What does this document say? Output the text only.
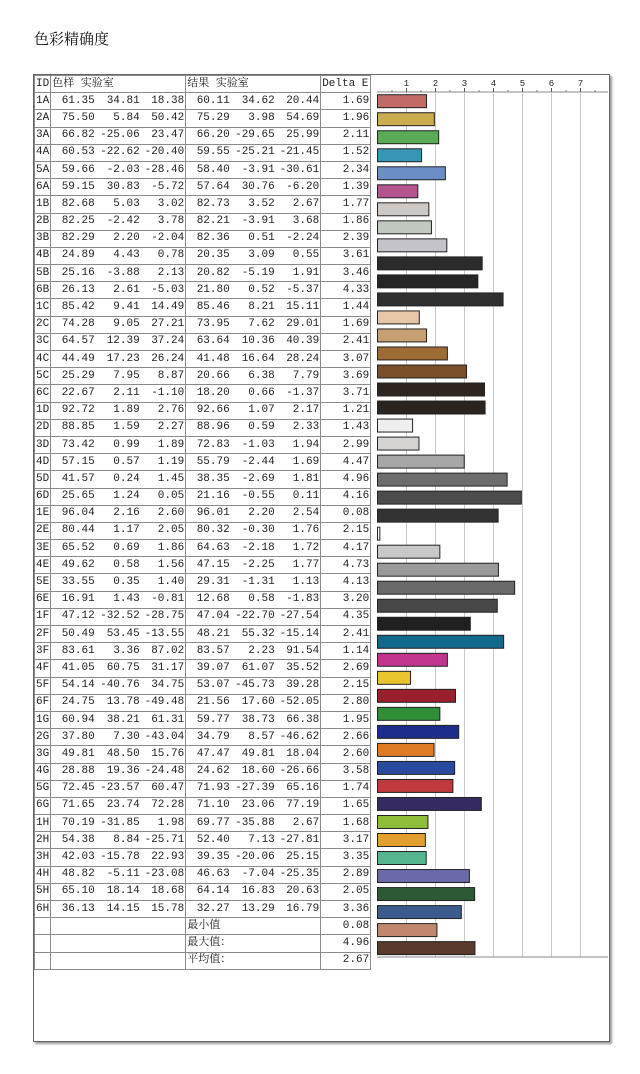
色彩精确度
ID	色样 实验室			结果 实验室			Delta E
1A	61.35	34.81	18.38	60.11	34.62	20.44	1.69
2A	75.50	5.84	50.42	75.29	3.98	54.69	1.96
3A	66.82	-25.06	23.47	66.20	-29.65	25.99	2.11
4A	60.53	-22.62	-20.40	59.55	-25.21	-21.45	1.52
5A	59.66	-2.03	-28.46	58.40	-3.91	-30.61	2.34
6A	59.15	30.83	-5.72	57.64	30.76	-6.20	1.39
1B	82.68	5.03	3.02	82.73	3.52	2.67	1.77
2B	82.25	-2.42	3.78	82.21	-3.91	3.68	1.86
3B	82.29	2.20	-2.04	82.36	0.51	-2.24	2.39
4B	24.89	4.43	0.78	20.35	3.09	0.55	3.61
5B	25.16	-3.88	2.13	20.82	-5.19	1.91	3.46
6B	26.13	2.61	-5.03	21.80	0.52	-5.37	4.33
1C	85.42	9.41	14.49	85.46	8.21	15.11	1.44
2C	74.28	9.05	27.21	73.95	7.62	29.01	1.69
3C	64.57	12.39	37.24	63.64	10.36	40.39	2.41
4C	44.49	17.23	26.24	41.48	16.64	28.24	3.07
5C	25.29	7.95	8.87	20.66	6.38	7.79	3.69
6C	22.67	2.11	-1.10	18.20	0.66	-1.37	3.71
1D	92.72	1.89	2.76	92.66	1.07	2.17	1.21
2D	88.85	1.59	2.27	88.96	0.59	2.33	1.43
3D	73.42	0.99	1.89	72.83	-1.03	1.94	2.99
4D	57.15	0.57	1.19	55.79	-2.44	1.69	4.47
5D	41.57	0.24	1.45	38.35	-2.69	1.81	4.96
6D	25.65	1.24	0.05	21.16	-0.55	0.11	4.16
1E	96.04	2.16	2.60	96.01	2.20	2.54	0.08
2E	80.44	1.17	2.05	80.32	-0.30	1.76	2.15
3E	65.52	0.69	1.86	64.63	-2.18	1.72	4.17
4E	49.62	0.58	1.56	47.15	-2.25	1.77	4.73
5E	33.55	0.35	1.40	29.31	-1.31	1.13	4.13
6E	16.91	1.43	-0.81	12.68	0.58	-1.83	3.20
1F	47.12	-32.52	-28.75	47.04	-22.70	-27.54	4.35
2F	50.49	53.45	-13.55	48.21	55.32	-15.14	2.41
3F	83.61	3.36	87.02	83.57	2.23	91.54	1.14
4F	41.05	60.75	31.17	39.07	61.07	35.52	2.69
5F	54.14	-40.76	34.75	53.07	-45.73	39.28	2.15
6F	24.75	13.78	-49.48	21.56	17.60	-52.05	2.80
1G	60.94	38.21	61.31	59.77	38.73	66.38	1.95
2G	37.80	7.30	-43.04	34.79	8.57	-46.62	2.66
3G	49.81	48.50	15.76	47.47	49.81	18.04	2.60
4G	28.88	19.36	-24.48	24.62	18.60	-26.66	3.58
5G	72.45	-23.57	60.47	71.93	-27.39	65.16	1.74
6G	71.65	23.74	72.28	71.10	23.06	77.19	1.65
1H	70.19	-31.85	1.98	69.77	-35.88	2.67	1.68
2H	54.38	8.84	-25.71	52.40	7.13	-27.81	3.17
3H	42.03	-15.78	22.93	39.35	-20.06	25.15	3.35
4H	48.82	-5.11	-23.08	46.63	-7.04	-25.35	2.89
5H	65.10	18.14	18.68	64.14	16.83	20.63	2.05
6H	36.13	14.15	15.78	32.27	13.29	16.79	3.36
				最小值			0.08
				最大值：			4.96
				平均值：			2.67
1	2	3	4	5	6	7
